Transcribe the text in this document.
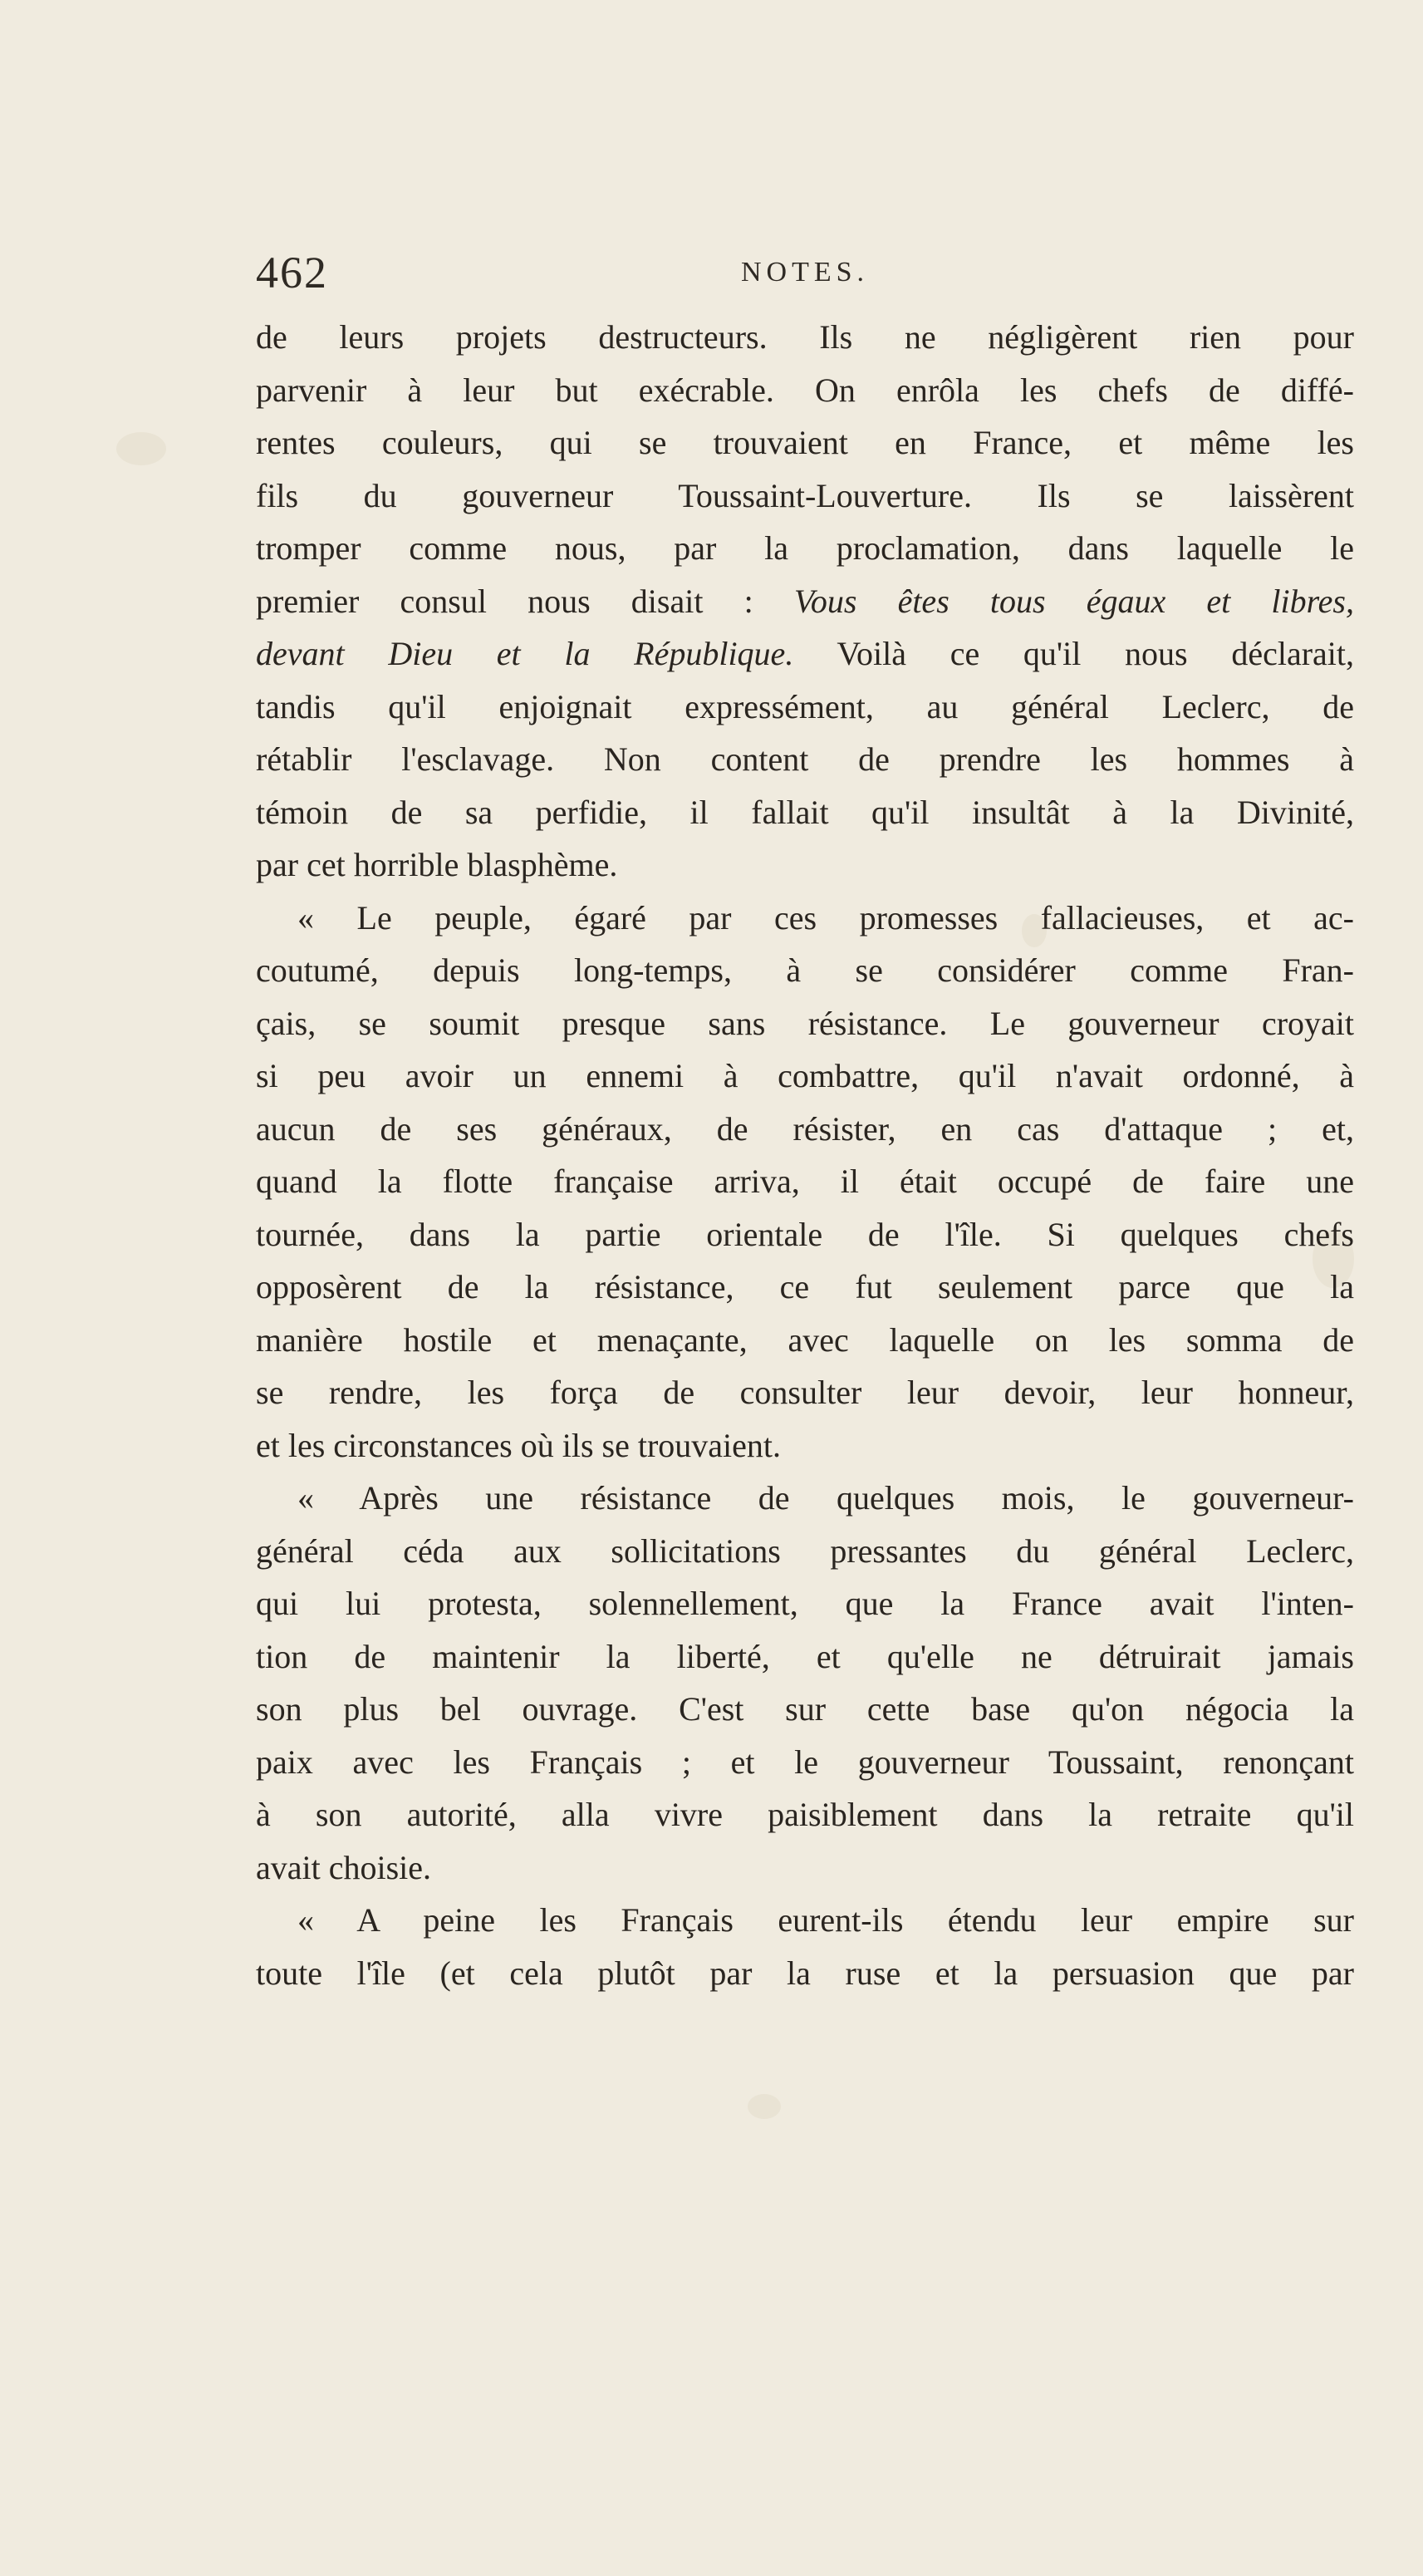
462	NOTES.
de leurs projets destructeurs. Ils ne négligèrent rien pour
parvenir à leur but exécrable. On enrôla les chefs de diffé-
rentes couleurs, qui se trouvaient en France, et même les
fils du gouverneur Toussaint-Louverture. Ils se laissèrent
tromper comme nous, par la proclamation, dans laquelle le
premier consul nous disait : Vous êtes tous égaux et libres,
devant Dieu et la République. Voilà ce qu'il nous déclarait,
tandis qu'il enjoignait expressément, au général Leclerc, de
rétablir l'esclavage. Non content de prendre les hommes à
témoin de sa perfidie, il fallait qu'il insultât à la Divinité,
par cet horrible blasphème.
« Le peuple, égaré par ces promesses fallacieuses, et ac-
coutumé, depuis long-temps, à se considérer comme Fran-
çais, se soumit presque sans résistance. Le gouverneur croyait
si peu avoir un ennemi à combattre, qu'il n'avait ordonné, à
aucun de ses généraux, de résister, en cas d'attaque ; et,
quand la flotte française arriva, il était occupé de faire une
tournée, dans la partie orientale de l'île. Si quelques chefs
opposèrent de la résistance, ce fut seulement parce que la
manière hostile et menaçante, avec laquelle on les somma de
se rendre, les força de consulter leur devoir, leur honneur,
et les circonstances où ils se trouvaient.
« Après une résistance de quelques mois, le gouverneur-
général céda aux sollicitations pressantes du général Leclerc,
qui lui protesta, solennellement, que la France avait l'inten-
tion de maintenir la liberté, et qu'elle ne détruirait jamais
son plus bel ouvrage. C'est sur cette base qu'on négocia la
paix avec les Français ; et le gouverneur Toussaint, renonçant
à son autorité, alla vivre paisiblement dans la retraite qu'il
avait choisie.
« A peine les Français eurent-ils étendu leur empire sur
toute l'île (et cela plutôt par la ruse et la persuasion que par
